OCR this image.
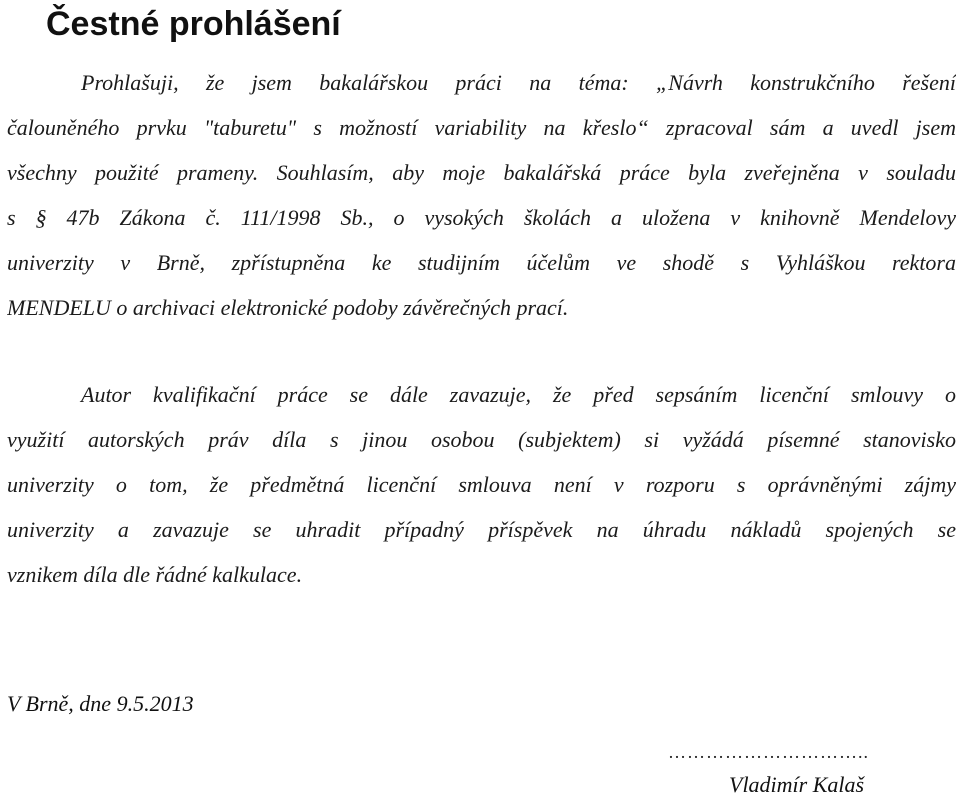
Čestné prohlášení
Prohlašuji, že jsem bakalářskou práci na téma: „Návrh konstrukčního řešení
čalouněného prvku "taburetu" s možností variability na křeslo“ zpracoval sám a uvedl jsem
všechny použité prameny. Souhlasím, aby moje bakalářská práce byla zveřejněna v souladu
s § 47b Zákona č. 111/1998 Sb., o vysokých školách a uložena v knihovně Mendelovy
univerzity v Brně, zpřístupněna ke studijním účelům ve shodě s Vyhláškou rektora
MENDELU o archivaci elektronické podoby závěrečných prací.
Autor kvalifikační práce se dále zavazuje, že před sepsáním licenční smlouvy o
využití autorských práv díla s jinou osobou (subjektem) si vyžádá písemné stanovisko
univerzity o tom, že předmětná licenční smlouva není v rozporu s oprávněnými zájmy
univerzity a zavazuje se uhradit případný příspěvek na úhradu nákladů spojených se
vznikem díla dle řádné kalkulace.

V Brně, dne 9.5.2013

…………………………..
Vladimír Kalaš
